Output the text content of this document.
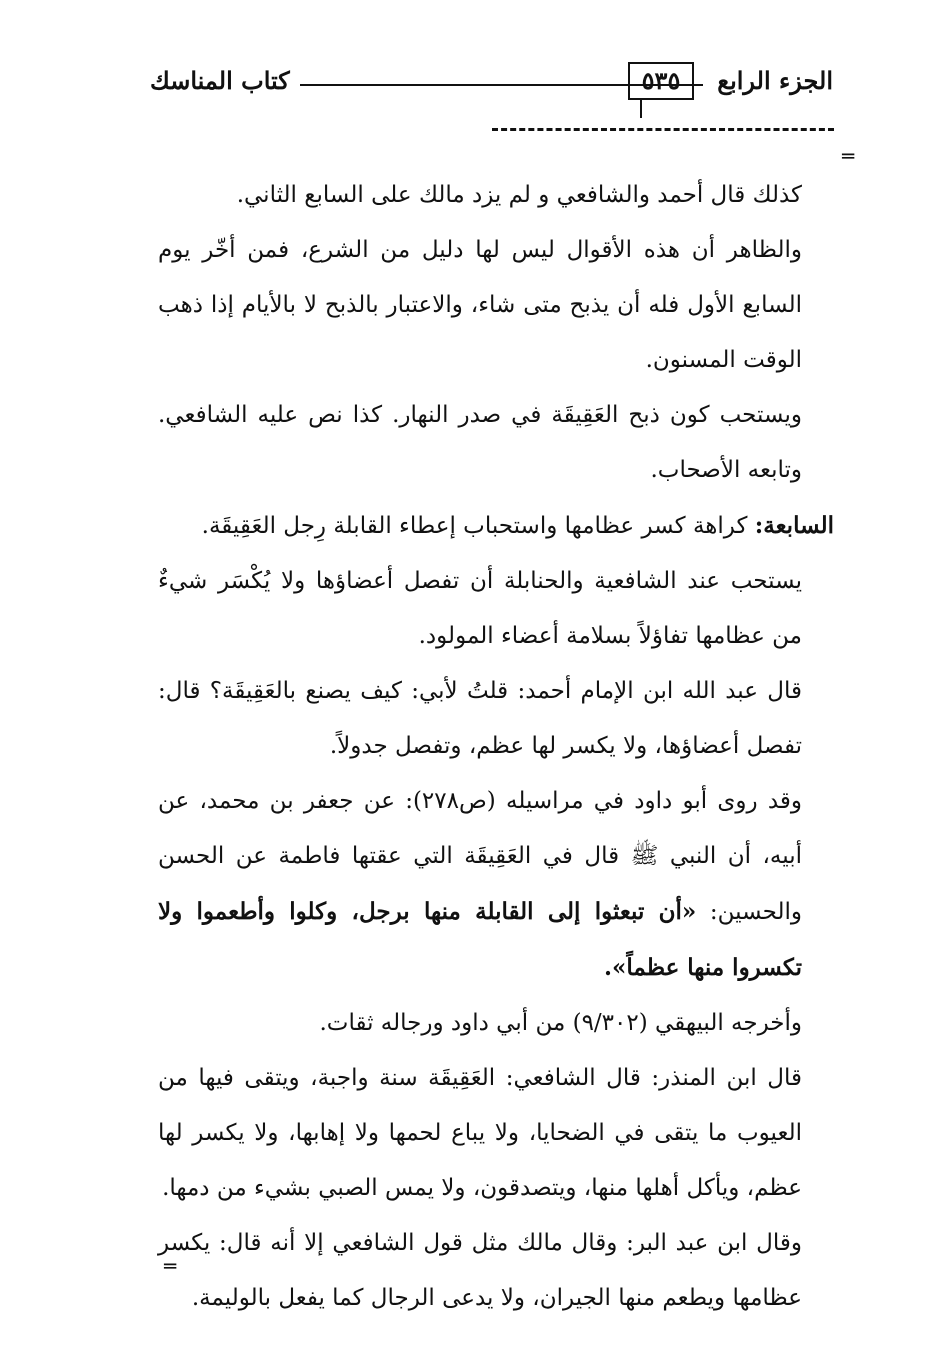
الجزء الرابع
٥٣٥
كتاب المناسك
═

كذلك قال أحمد والشافعي و لم يزد مالك على السابع الثاني.

والظاهر أن هذه الأقوال ليس لها دليل من الشرع، فمن أخّر يوم السابع الأول فله أن يذبح متى شاء، والاعتبار بالذبح لا بالأيام إذا ذهب الوقت المسنون.

ويستحب كون ذبح العَقِيقَة في صدر النهار. كذا نص عليه الشافعي. وتابعه الأصحاب.

السابعة: كراهة كسر عظامها واستحباب إعطاء القابلة رِجل العَقِيقَة.

يستحب عند الشافعية والحنابلة أن تفصل أعضاؤها ولا يُكْسَر شيءٌ من عظامها تفاؤلاً بسلامة أعضاء المولود.

قال عبد الله ابن الإمام أحمد: قلتُ لأبي: كيف يصنع بالعَقِيقَة؟ قال: تفصل أعضاؤها، ولا يكسر لها عظم، وتفصل جدولاً.

وقد روى أبو داود في مراسيله (ص٢٧٨): عن جعفر بن محمد، عن أبيه، أن النبي ﷺ قال في العَقِيقَة التي عقتها فاطمة عن الحسن والحسين: «أن تبعثوا إلى القابلة منها برجل، وكلوا وأطعموا ولا تكسروا منها عظماً».

وأخرجه البيهقي (٩/٣٠٢) من أبي داود ورجاله ثقات.

قال ابن المنذر: قال الشافعي: العَقِيقَة سنة واجبة، ويتقى فيها من العيوب ما يتقى في الضحايا، ولا يباع لحمها ولا إهابها، ولا يكسر لها عظم، ويأكل أهلها منها، ويتصدقون، ولا يمس الصبي بشيء من دمها.

وقال ابن عبد البر: وقال مالك مثل قول الشافعي إلا أنه قال: يكسر عظامها ويطعم منها الجيران، ولا يدعى الرجال كما يفعل بالوليمة.

═
